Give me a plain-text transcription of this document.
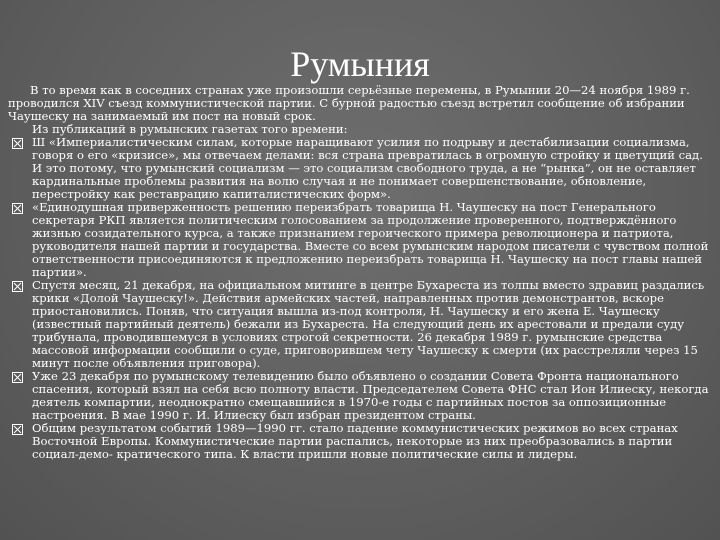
Румыния

В то время как в соседних странах уже произошли серьёзные перемены, в Румынии 20—24 ноября 1989 г. проводился XIV съезд коммунистической партии. С бурной радостью съезд встретил сообщение об избрании Чаушеску на занимаемый им пост на новый срок.

Из публикаций в румынских газетах того времени:

Ш «Империалистическим силам, которые наращивают усилия по подрыву и дестабилизации социализма, говоря о его «кризисе», мы отвечаем делами: вся страна превратилась в огромную стройку и цветущий сад. И это потому, что румынский социализм — это социализм свободного труда, а не “рынка”, он не оставляет кардинальные проблемы развития на волю случая и не понимает совершенствование, обновление, перестройку как реставрацию капиталистических форм».

«Единодушная приверженность решению переизбрать товарища Н. Чаушеску на пост Генерального секретаря РКП является политическим голосованием за продолжение проверенного, подтверждённого жизнью созидательного курса, а также признанием героического примера революционера и патриота, руководителя нашей партии и государства. Вместе со всем румынским народом писатели с чувством полной ответственности присоединяются к предложению переизбрать товарища Н. Чаушеску на пост главы нашей партии».

Спустя месяц, 21 декабря, на официальном митинге в центре Бухареста из толпы вместо здравиц раздались крики «Долой Чаушеску!». Действия армейских частей, направленных против демонстрантов, вскоре приостановились. Поняв, что ситуация вышла из-под контроля, Н. Чаушеску и его жена Е. Чаушеску (известный партийный деятель) бежали из Бухареста. На следующий день их арестовали и предали суду трибунала, проводившемуся в условиях строгой секретности. 26 декабря 1989 г. румынские средства массовой информации сообщили о суде, приговорившем чету Чаушеску к смерти (их расстреляли через 15 минут после объявления приговора).

Уже 23 декабря по румынскому телевидению было объявлено о создании Совета Фронта национального спасения, который взял на себя всю полноту власти. Председателем Совета ФНС стал Ион Илиеску, некогда деятель компартии, неоднократно смещавшийся в 1970-е годы с партийных постов за оппозиционные настроения. В мае 1990 г. И. Илиеску был избран президентом страны.

Общим результатом событий 1989—1990 гг. стало падение коммунистических режимов во всех странах Восточной Европы. Коммунистические партии распались, некоторые из них преобразовались в партии социал-демо- кратического типа. К власти пришли новые политические силы и лидеры.
